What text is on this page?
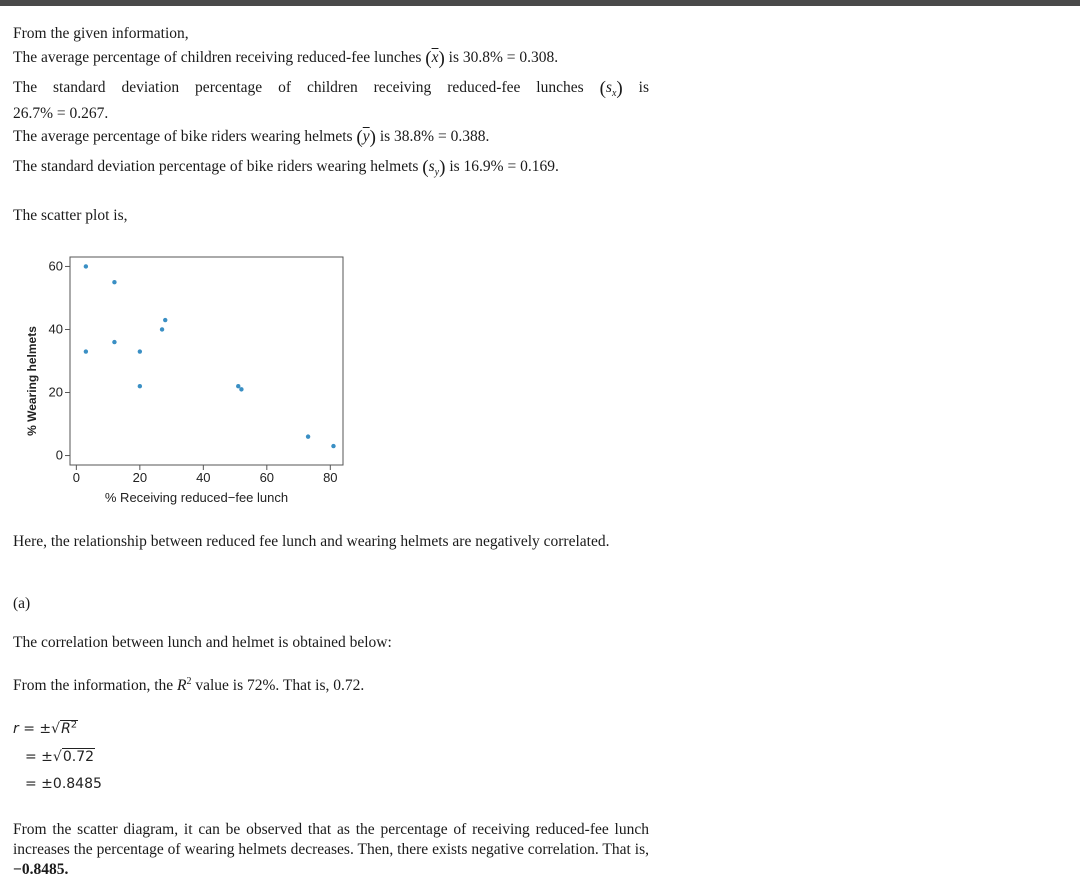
From the given information,
The average percentage of children receiving reduced-fee lunches $(\overline{x})$ is 30.8% = 0.308.
The standard deviation percentage of children receiving reduced-fee lunches $(s_x)$ is
26.7% = 0.267.
The average percentage of bike riders wearing helmets $(\overline{y})$ is 38.8% = 0.388.
The standard deviation percentage of bike riders wearing helmets $(s_y)$ is 16.9% = 0.169.
The scatter plot is,
Here, the relationship between reduced fee lunch and wearing helmets are negatively correlated.
(a)
The correlation between lunch and helmet is obtained below:
From the information, the $R^2$ value is 72%. That is, 0.72.
$r = \pm√R^2$
= ±√0.72
= ±0.8485
From the scatter diagram, it can be observed that as the percentage of receiving reduced-fee lunch increases the percentage of wearing helmets decreases. Then, there exists negative correlation. That is, −0.8485.
0	20	40	60	80
0
20
40
60
% Receiving reduced−fee lunch
% Wearing helmets
